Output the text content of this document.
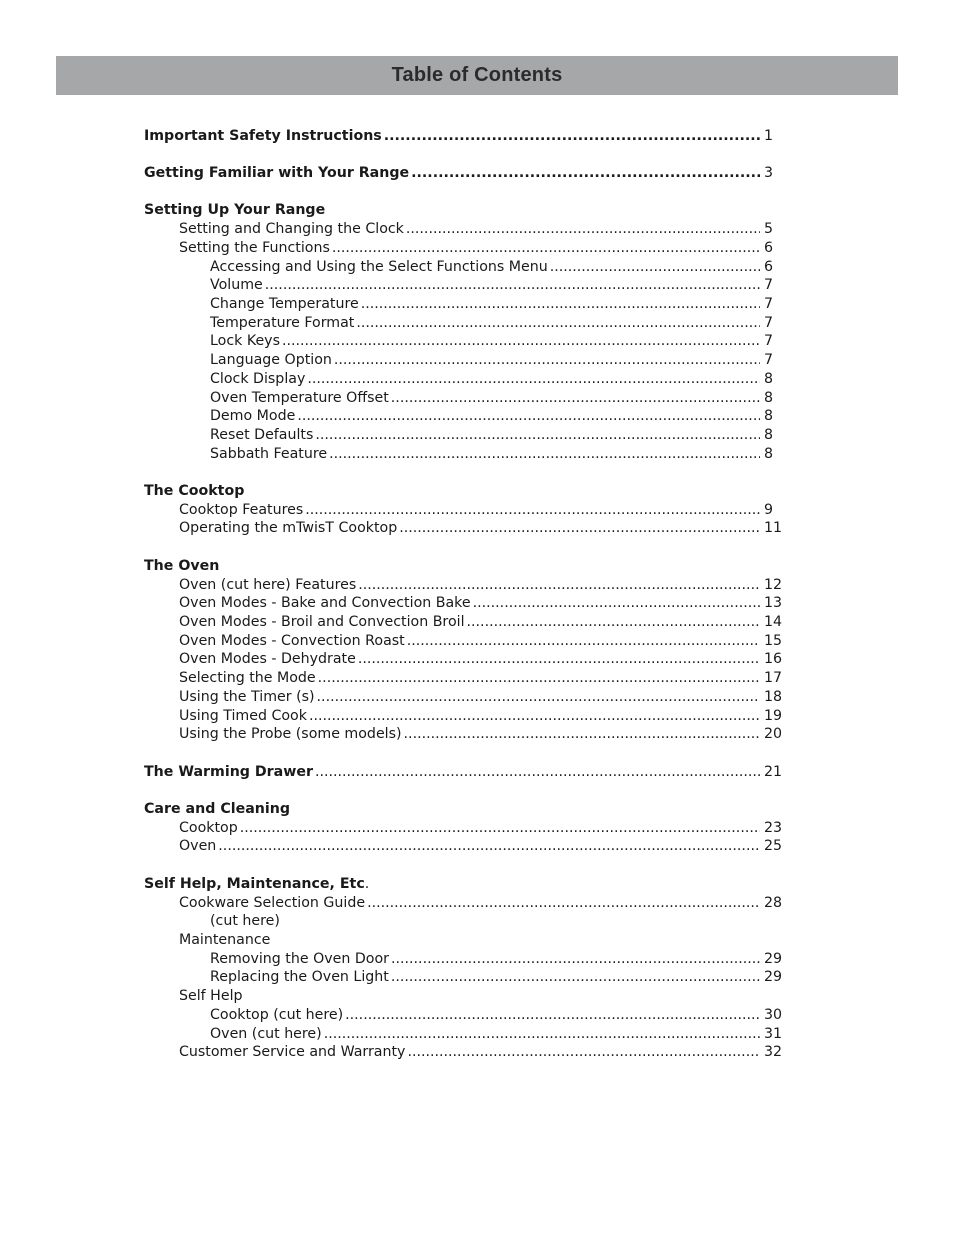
Table of Contents
Important Safety Instructions .....	1
Getting Familiar with Your Range .....	3
Setting Up Your Range
Setting and Changing the Clock .....	5
Setting the Functions .....	6
Accessing and Using the Select Functions Menu .....	6
Volume .....	7
Change Temperature .....	7
Temperature Format .....	7
Lock Keys .....	7
Language Option .....	7
Clock Display .....	8
Oven Temperature Offset .....	8
Demo Mode .....	8
Reset Defaults .....	8
Sabbath Feature .....	8
The Cooktop
Cooktop Features .....	9
Operating the mTwisT Cooktop .....	11
The Oven
Oven (cut here) Features .....	12
Oven Modes - Bake and Convection Bake .....	13
Oven Modes - Broil and Convection Broil .....	14
Oven Modes - Convection Roast .....	15
Oven Modes - Dehydrate .....	16
Selecting the Mode .....	17
Using the Timer (s) .....	18
Using Timed Cook .....	19
Using the Probe (some models) .....	20
The Warming Drawer .....	21
Care and Cleaning
Cooktop .....	23
Oven .....	25
Self Help, Maintenance, Etc.
Cookware Selection Guide .....	28
(cut here)
Maintenance
Removing the Oven Door .....	29
Replacing the Oven Light .....	29
Self Help
Cooktop (cut here) .....	30
Oven (cut here) .....	31
Customer Service and Warranty .....	32
